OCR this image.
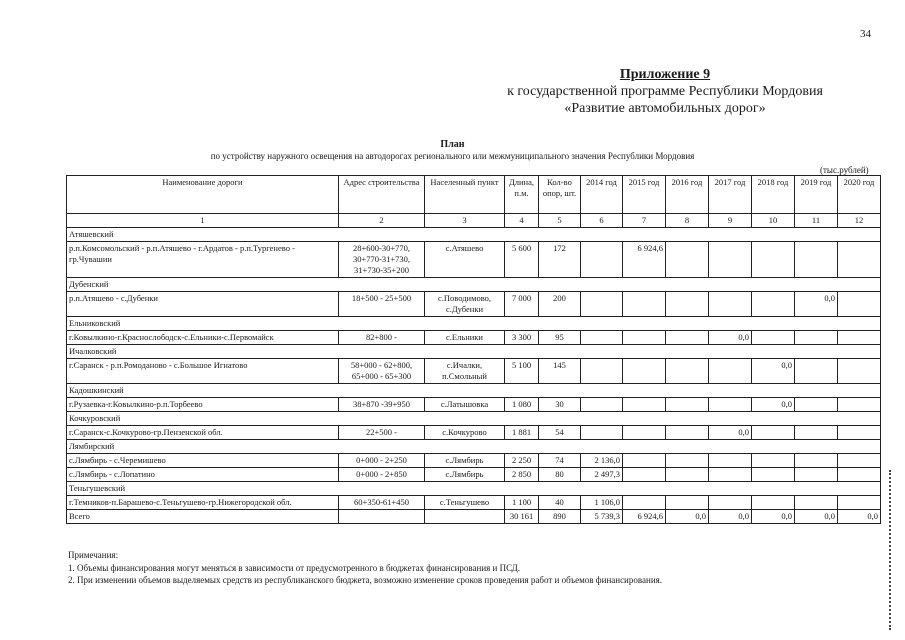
34
Приложение 9
к государственной программе Республики Мордовия
«Развитие автомобильных дорог»
План
по устройству наружного освещения на автодорогах регионального или межмуниципального значения Республики Мордовия
(тыс.рублей)
Наименование дороги	Адрес строительства	Населенный пункт	Длина, п.м.	Кол-во опор, шт.	2014 год	2015 год	2016 год	2017 год	2018 год	2019 год	2020 год
1	2	3	4	5	6	7	8	9	10	11	12
Атяшевский											
р.п.Комсомольский - р.п.Атяшево - г.Ардатов - р.п.Тургенево - гр.Чувашии	28+600-30+770, 30+770-31+730, 31+730-35+200	с.Атяшево	5 600	172		6 924,6					
Дубенский											
р.п.Атяшево - с.Дубенки	18+500 - 25+500	с.Поводимово, с.Дубенки	7 000	200						0,0	
Ельниковский											
г.Ковылкино-г.Краснослободск-с.Ельники-с.Первомайск	82+800 -	с.Ельники	3 300	95				0,0			
Ичалковский											
г.Саранск - р.п.Ромоданово - с.Большое Игнатово	58+000 - 62+800, 65+000 - 65+300	с.Ичалки, п.Смольный	5 100	145					0,0		
Кадошкинский											
г.Рузаевка-г.Ковылкино-р.п.Торбеево	38+870 -39+950	с.Латышовка	1 080	30					0,0		
Кочкуровский											
г.Саранск-с.Кочкурово-гр.Пензенской обл.	22+500 -	с.Кочкурово	1 881	54				0,0			
Лямбирский											
с.Лямбирь - с.Черемишево	0+000 - 2+250	с.Лямбирь	2 250	74	2 136,0						
с.Лямбирь - с.Лопатино	0+000 - 2+850	с.Лямбирь	2 850	80	2 497,3						
Теньгушевский											
г.Темников-п.Барашево-с.Теньгушево-гр.Нижегородской обл.	60+350-61+450	с.Теньгушево	1 100	40	1 106,0						
Всего			30 161	890	5 739,3	6 924,6	0,0	0,0	0,0	0,0	0,0
Примечания:
1. Объемы финансирования могут меняться в зависимости от предусмотренного в бюджетах финансирования и ПСД.
2. При изменении объемов выделяемых средств из республиканского бюджета, возможно изменение сроков проведения работ и объемов финансирования.
